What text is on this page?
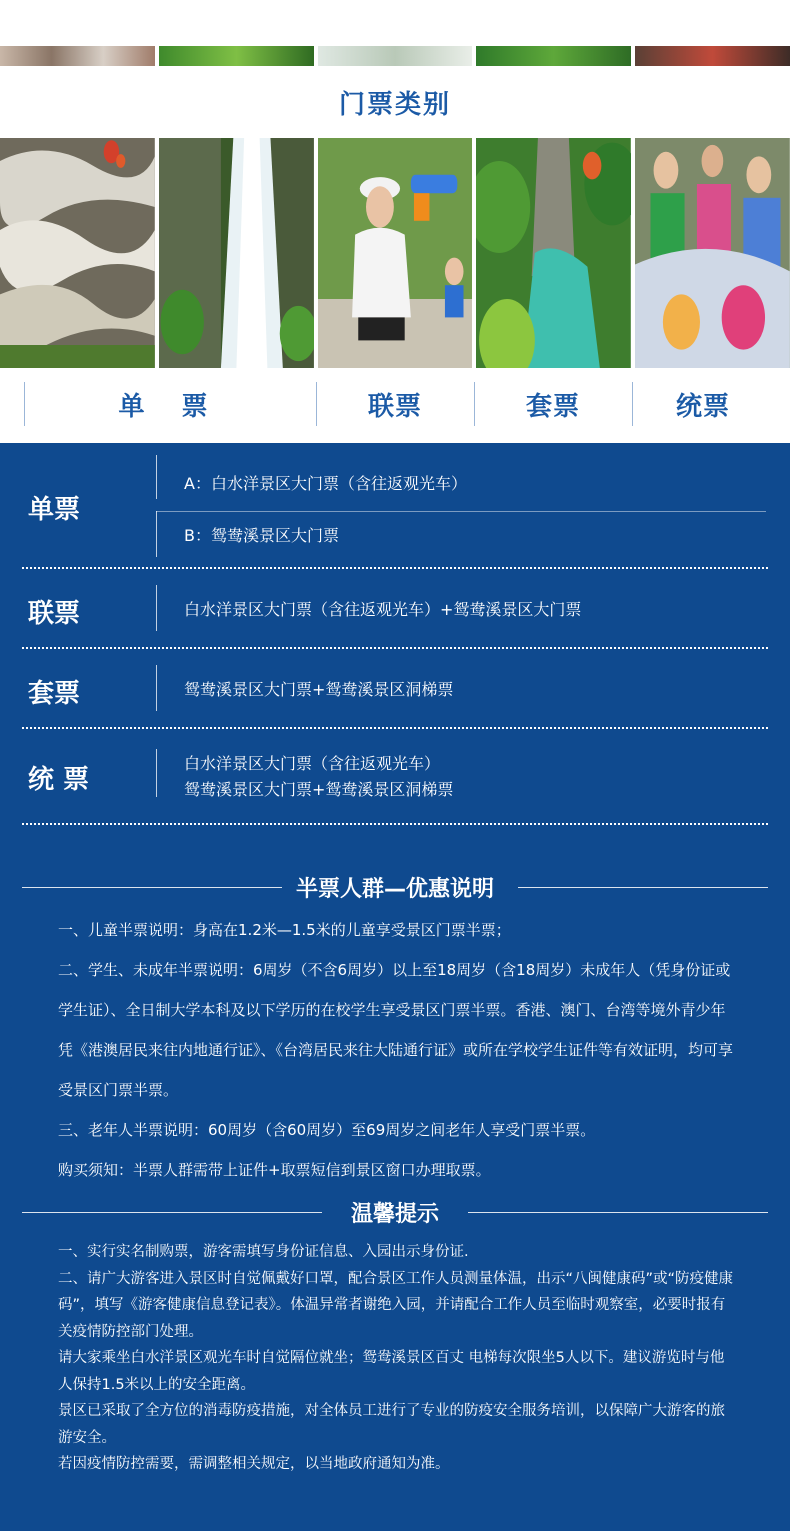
门票类别
单 票	联票	套票	统票
单票
A：白水洋景区大门票（含往返观光车）
B：鸳鸯溪景区大门票
联票	白水洋景区大门票（含往返观光车）+鸳鸯溪景区大门票
套票	鸳鸯溪景区大门票+鸳鸯溪景区洞梯票
统 票
白水洋景区大门票（含往返观光车）
鸳鸯溪景区大门票+鸳鸯溪景区洞梯票
半票人群—优惠说明

一、儿童半票说明：身高在1.2米—1.5米的儿童享受景区门票半票；

二、学生、未成年半票说明：6周岁（不含6周岁）以上至18周岁（含18周岁）未成年人（凭身份证或学生证）、全日制大学本科及以下学历的在校学生享受景区门票半票。香港、澳门、台湾等境外青少年凭《港澳居民来往内地通行证》、《台湾居民来往大陆通行证》或所在学校学生证件等有效证明，均可享受景区门票半票。

三、老年人半票说明：60周岁（含60周岁）至69周岁之间老年人享受门票半票。

购买须知：半票人群需带上证件+取票短信到景区窗口办理取票。

温馨提示

一、实行实名制购票，游客需填写身份证信息、入园出示身份证.

二、请广大游客进入景区时自觉佩戴好口罩，配合景区工作人员测量体温，出示“八闽健康码”或“防疫健康码”，填写《游客健康信息登记表》。体温异常者谢绝入园，并请配合工作人员至临时观察室，必要时报有关疫情防控部门处理。

请大家乘坐白水洋景区观光车时自觉隔位就坐；鸳鸯溪景区百丈 电梯每次限坐5人以下。建议游览时与他人保持1.5米以上的安全距离。

景区已采取了全方位的消毒防疫措施，对全体员工进行了专业的防疫安全服务培训，以保障广大游客的旅游安全。

若因疫情防控需要，需调整相关规定，以当地政府通知为准。
